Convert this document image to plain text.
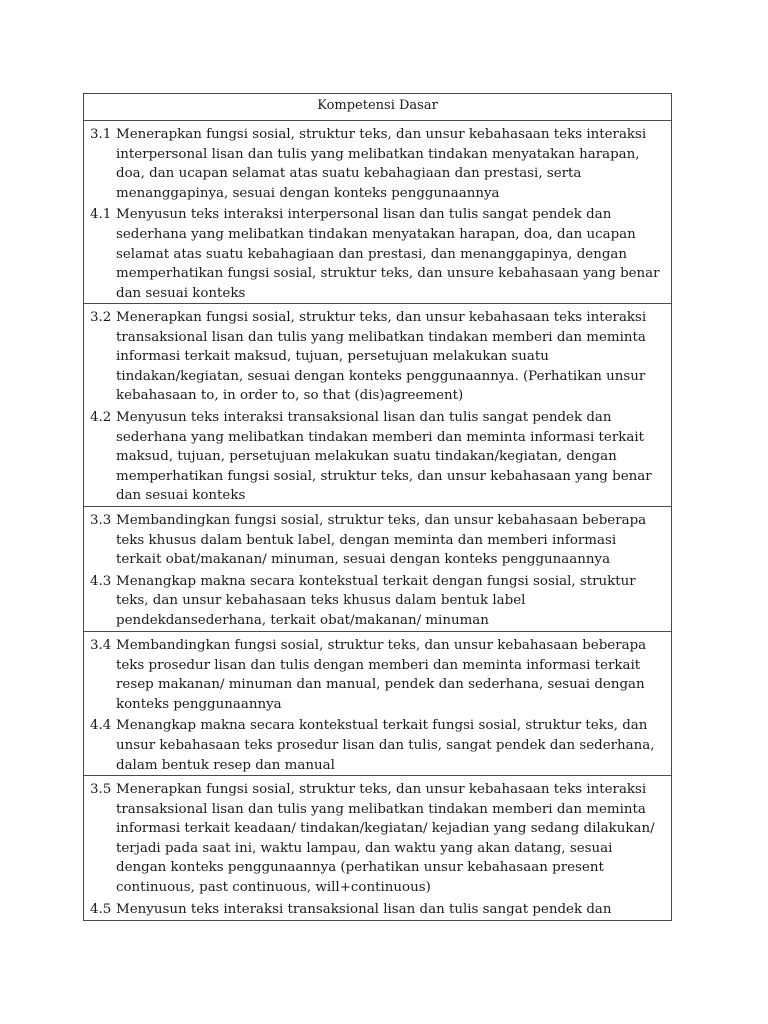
Kompetensi Dasar

3.1 Menerapkan fungsi sosial, struktur teks, dan unsur kebahasaan teks interaksi interpersonal lisan dan tulis yang melibatkan tindakan menyatakan harapan, doa, dan ucapan selamat atas suatu kebahagiaan dan prestasi, serta menanggapinya, sesuai dengan konteks penggunaannya

4.1 Menyusun teks interaksi interpersonal lisan dan tulis sangat pendek dan sederhana yang melibatkan tindakan menyatakan harapan, doa, dan ucapan selamat atas suatu kebahagiaan dan prestasi, dan menanggapinya, dengan memperhatikan fungsi sosial, struktur teks, dan unsure kebahasaan yang benar dan sesuai konteks

3.2 Menerapkan fungsi sosial, struktur teks, dan unsur kebahasaan teks interaksi transaksional lisan dan tulis yang melibatkan tindakan memberi dan meminta informasi terkait maksud, tujuan, persetujuan melakukan suatu tindakan/kegiatan, sesuai dengan konteks penggunaannya. (Perhatikan unsur kebahasaan to, in order to, so that (dis)agreement)

4.2 Menyusun teks interaksi transaksional lisan dan tulis sangat pendek dan sederhana yang melibatkan tindakan memberi dan meminta informasi terkait maksud, tujuan, persetujuan melakukan suatu tindakan/kegiatan, dengan memperhatikan fungsi sosial, struktur teks, dan unsur kebahasaan yang benar dan sesuai konteks

3.3 Membandingkan fungsi sosial, struktur teks, dan unsur kebahasaan beberapa teks khusus dalam bentuk label, dengan meminta dan memberi informasi terkait obat/makanan/ minuman, sesuai dengan konteks penggunaannya

4.3 Menangkap makna secara kontekstual terkait dengan fungsi sosial, struktur teks, dan unsur kebahasaan teks khusus dalam bentuk label pendekdansederhana, terkait obat/makanan/ minuman

3.4 Membandingkan fungsi sosial, struktur teks, dan unsur kebahasaan beberapa teks prosedur lisan dan tulis dengan memberi dan meminta informasi terkait resep makanan/ minuman dan manual, pendek dan sederhana, sesuai dengan konteks penggunaannya

4.4 Menangkap makna secara kontekstual terkait fungsi sosial, struktur teks, dan unsur kebahasaan teks prosedur lisan dan tulis, sangat pendek dan sederhana, dalam bentuk resep dan manual

3.5 Menerapkan fungsi sosial, struktur teks, dan unsur kebahasaan teks interaksi transaksional lisan dan tulis yang melibatkan tindakan memberi dan meminta informasi terkait keadaan/ tindakan/kegiatan/ kejadian yang sedang dilakukan/ terjadi pada saat ini, waktu lampau, dan waktu yang akan datang, sesuai dengan konteks penggunaannya (perhatikan unsur kebahasaan present continuous, past continuous, will+continuous)

4.5 Menyusun teks interaksi transaksional lisan dan tulis sangat pendek dan
